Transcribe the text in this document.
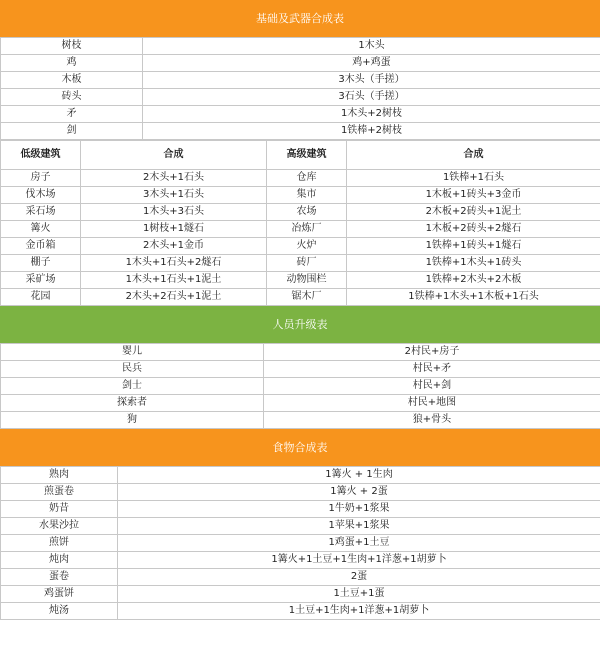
基础及武器合成表
树枝	1木头
鸡	鸡+鸡蛋
木板	3木头（手搓）
砖头	3石头（手搓）
矛	1木头+2树枝
剑	1铁棒+2树枝
低级建筑	合成	高级建筑	合成
房子	2木头+1石头	仓库	1铁棒+1石头
伐木场	3木头+1石头	集市	1木板+1砖头+3金币
采石场	1木头+3石头	农场	2木板+2砖头+1泥土
篝火	1树枝+1燧石	冶炼厂	1木板+2砖头+2燧石
金币箱	2木头+1金币	火炉	1铁棒+1砖头+1燧石
棚子	1木头+1石头+2燧石	砖厂	1铁棒+1木头+1砖头
采矿场	1木头+1石头+1泥土	动物围栏	1铁棒+2木头+2木板
花园	2木头+2石头+1泥土	锯木厂	1铁棒+1木头+1木板+1石头
人员升级表
婴儿	2村民+房子
民兵	村民+矛
剑士	村民+剑
探索者	村民+地图
狗	狼+骨头
食物合成表
熟肉	1篝火 + 1生肉
煎蛋卷	1篝火 + 2蛋
奶昔	1牛奶+1浆果
水果沙拉	1苹果+1浆果
煎饼	1鸡蛋+1土豆
炖肉	1篝火+1土豆+1生肉+1洋葱+1胡萝卜
蛋卷	2蛋
鸡蛋饼	1土豆+1蛋
炖汤	1土豆+1生肉+1洋葱+1胡萝卜
